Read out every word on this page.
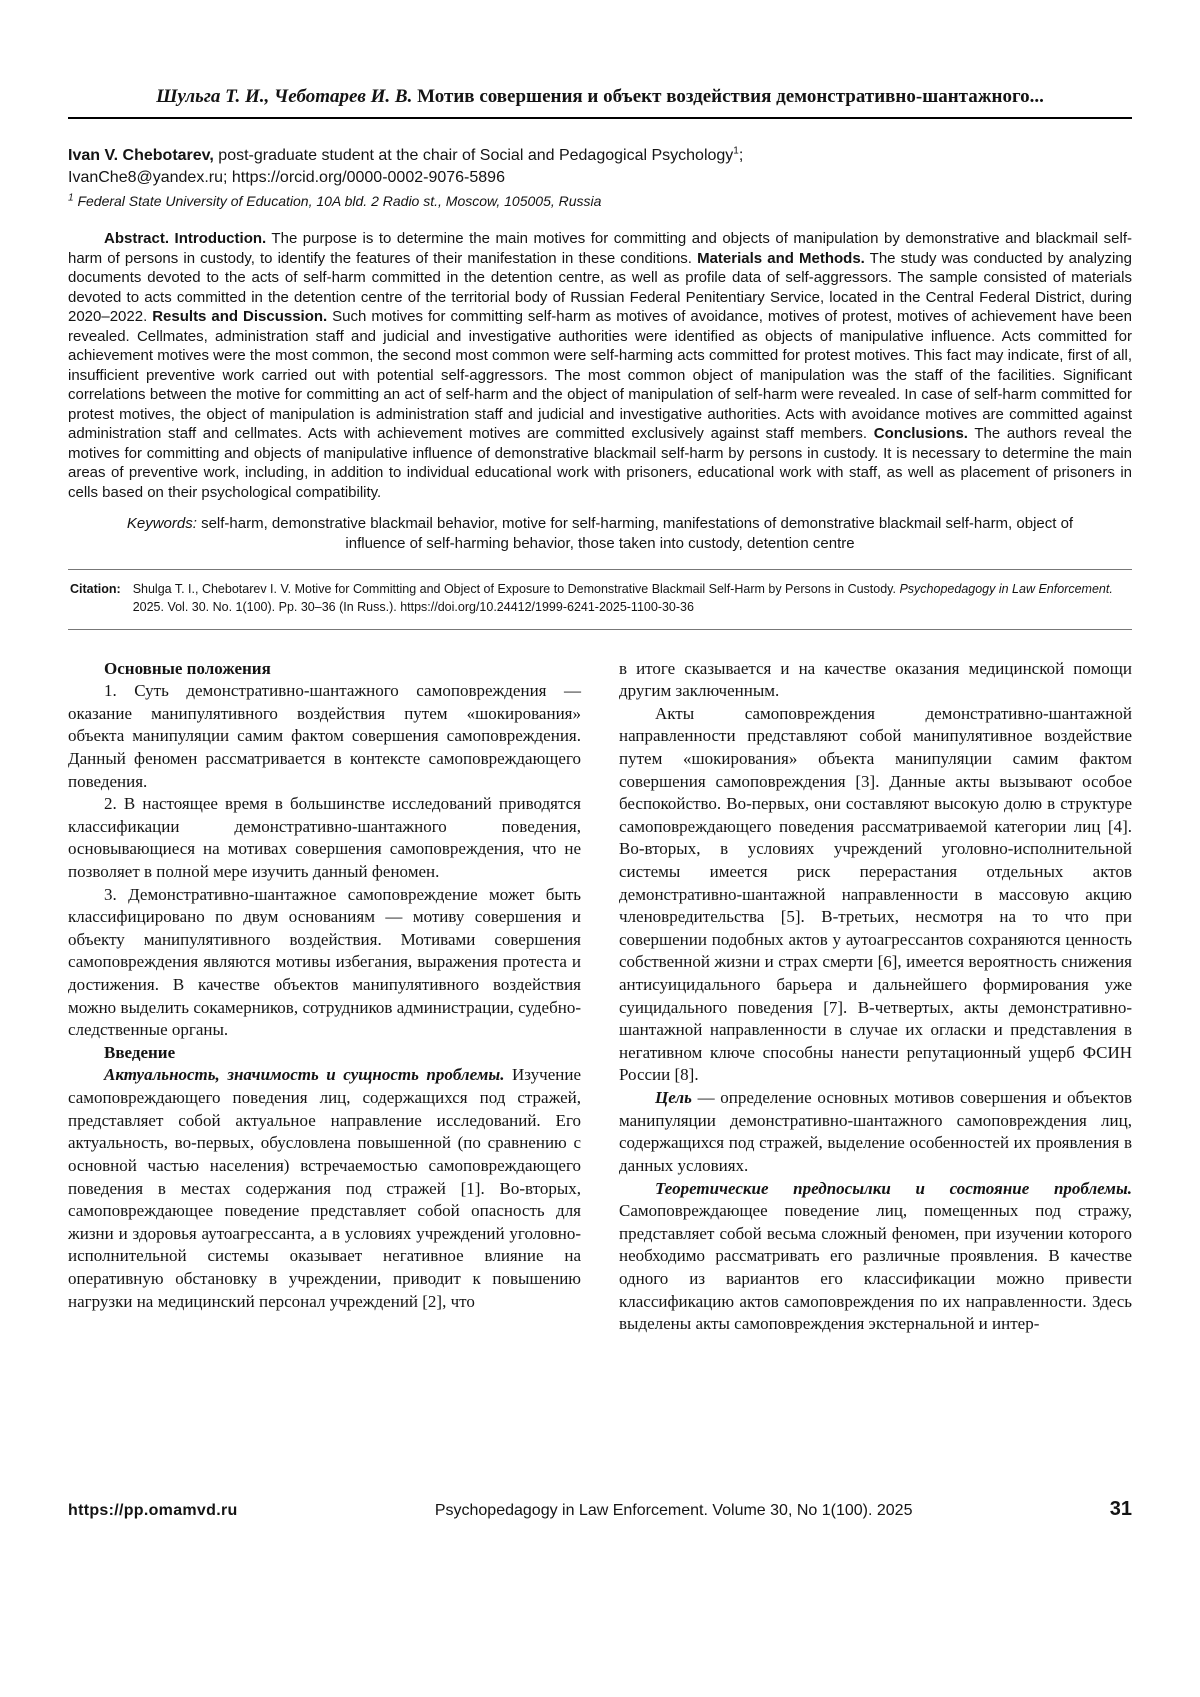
Шульга Т. И., Чеботарев И. В. Мотив совершения и объект воздействия демонстративно-шантажного...
Ivan V. Chebotarev, post-graduate student at the chair of Social and Pedagogical Psychology$^1$;
IvanChe8@yandex.ru; https://orcid.org/0000-0002-9076-5896
$^1$ Federal State University of Education, 10A bld. 2 Radio st., Moscow, 105005, Russia
Abstract. Introduction. The purpose is to determine the main motives for committing and objects of manipulation by demonstrative and blackmail self-harm of persons in custody, to identify the features of their manifestation in these conditions. Materials and Methods. The study was conducted by analyzing documents devoted to the acts of self-harm committed in the detention centre, as well as profile data of self-aggressors. The sample consisted of materials devoted to acts committed in the detention centre of the territorial body of Russian Federal Penitentiary Service, located in the Central Federal District, during 2020–2022. Results and Discussion. Such motives for committing self-harm as motives of avoidance, motives of protest, motives of achievement have been revealed. Cellmates, administration staff and judicial and investigative authorities were identified as objects of manipulative influence. Acts committed for achievement motives were the most common, the second most common were self-harming acts committed for protest motives. This fact may indicate, first of all, insufficient preventive work carried out with potential self-aggressors. The most common object of manipulation was the staff of the facilities. Significant correlations between the motive for committing an act of self-harm and the object of manipulation of self-harm were revealed. In case of self-harm committed for protest motives, the object of manipulation is administration staff and judicial and investigative authorities. Acts with avoidance motives are committed against administration staff and cellmates. Acts with achievement motives are committed exclusively against staff members. Conclusions. The authors reveal the motives for committing and objects of manipulative influence of demonstrative blackmail self-harm by persons in custody. It is necessary to determine the main areas of preventive work, including, in addition to individual educational work with prisoners, educational work with staff, as well as placement of prisoners in cells based on their psychological compatibility.
Keywords: self-harm, demonstrative blackmail behavior, motive for self-harming, manifestations of demonstrative blackmail self-harm, object of influence of self-harming behavior, those taken into custody, detention centre
Citation: Shulga T. I., Chebotarev I. V. Motive for Committing and Object of Exposure to Demonstrative Blackmail Self-Harm by Persons in Custody. Psychopedagogy in Law Enforcement. 2025. Vol. 30. No. 1(100). Pp. 30–36 (In Russ.). https://doi.org/10.24412/1999-6241-2025-1100-30-36

Основные положения

1. Суть демонстративно-шантажного самоповреждения — оказание манипулятивного воздействия путем «шокирования» объекта манипуляции самим фактом совершения самоповреждения. Данный феномен рассматривается в контексте самоповреждающего поведения.

2. В настоящее время в большинстве исследований приводятся классификации демонстративно-шантажного поведения, основывающиеся на мотивах совершения самоповреждения, что не позволяет в полной мере изучить данный феномен.

3. Демонстративно-шантажное самоповреждение может быть классифицировано по двум основаниям — мотиву совершения и объекту манипулятивного воздействия. Мотивами совершения самоповреждения являются мотивы избегания, выражения протеста и достижения. В качестве объектов манипулятивного воздействия можно выделить сокамерников, сотрудников администрации, судебно-следственные органы.

Введение

Актуальность, значимость и сущность проблемы. Изучение самоповреждающего поведения лиц, содержащихся под стражей, представляет собой актуальное направление исследований. Его актуальность, во-первых, обусловлена повышенной (по сравнению с основной частью населения) встречаемостью самоповреждающего поведения в местах содержания под стражей [1]. Во-вторых, самоповреждающее поведение представляет собой опасность для жизни и здоровья аутоагрессанта, а в условиях учреждений уголовно-исполнительной системы оказывает негативное влияние на оперативную обстановку в учреждении, приводит к повышению нагрузки на медицинский персонал учреждений [2], что

в итоге сказывается и на качестве оказания медицинской помощи другим заключенным.

Акты самоповреждения демонстративно-шантажной направленности представляют собой манипулятивное воздействие путем «шокирования» объекта манипуляции самим фактом совершения самоповреждения [3]. Данные акты вызывают особое беспокойство. Во-первых, они составляют высокую долю в структуре самоповреждающего поведения рассматриваемой категории лиц [4]. Во-вторых, в условиях учреждений уголовно-исполнительной системы имеется риск перерастания отдельных актов демонстративно-шантажной направленности в массовую акцию членовредительства [5]. В-третьих, несмотря на то что при совершении подобных актов у аутоагрессантов сохраняются ценность собственной жизни и страх смерти [6], имеется вероятность снижения антисуицидального барьера и дальнейшего формирования уже суицидального поведения [7]. В-четвертых, акты демонстративно-шантажной направленности в случае их огласки и представления в негативном ключе способны нанести репутационный ущерб ФСИН России [8].

Цель — определение основных мотивов совершения и объектов манипуляции демонстративно-шантажного самоповреждения лиц, содержащихся под стражей, выделение особенностей их проявления в данных условиях.

Теоретические предпосылки и состояние проблемы. Самоповреждающее поведение лиц, помещенных под стражу, представляет собой весьма сложный феномен, при изучении которого необходимо рассматривать его различные проявления. В качестве одного из вариантов его классификации можно привести классификацию актов самоповреждения по их направленности. Здесь выделены акты самоповреждения экстернальной и интер-

https://pp.omamvd.ru	Psychopedagogy in Law Enforcement. Volume 30, No 1(100). 2025	31
